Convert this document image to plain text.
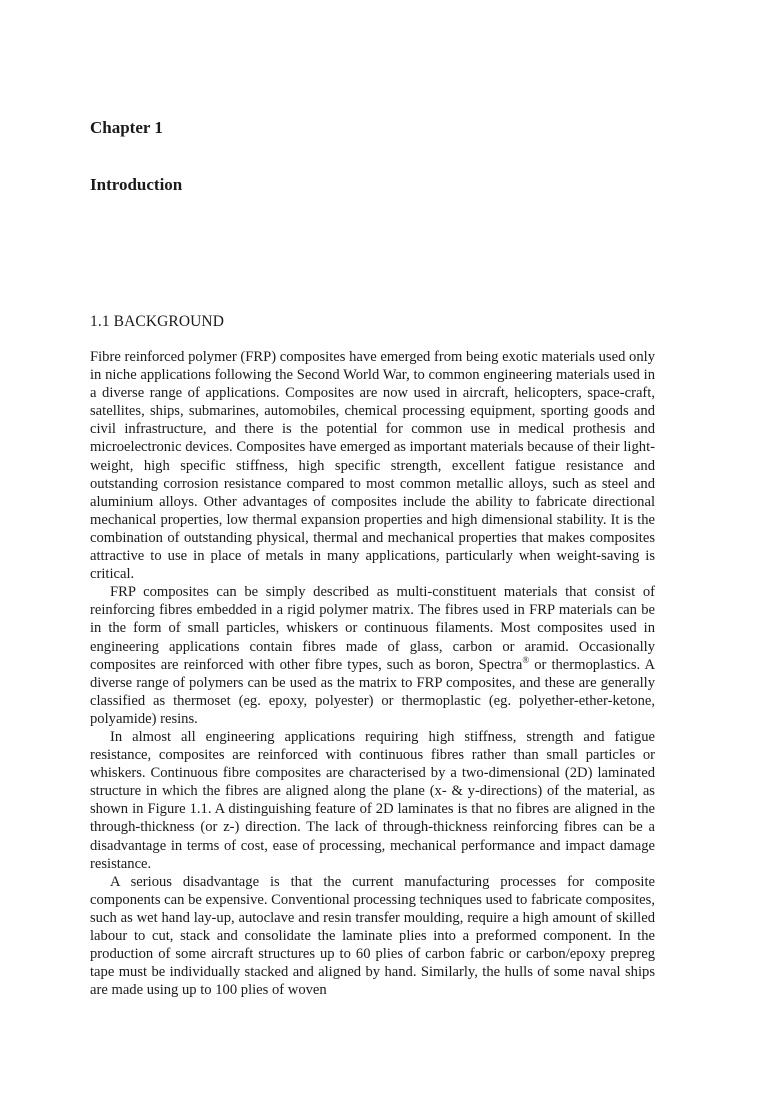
Chapter 1
Introduction
1.1 BACKGROUND

Fibre reinforced polymer (FRP) composites have emerged from being exotic materials used only in niche applications following the Second World War, to common engineering materials used in a diverse range of applications. Composites are now used in aircraft, helicopters, space-craft, satellites, ships, submarines, automobiles, chemical processing equipment, sporting goods and civil infrastructure, and there is the potential for common use in medical prothesis and microelectronic devices. Composites have emerged as important materials because of their light-weight, high specific stiffness, high specific strength, excellent fatigue resistance and outstanding corrosion resistance compared to most common metallic alloys, such as steel and aluminium alloys. Other advantages of composites include the ability to fabricate directional mechanical properties, low thermal expansion properties and high dimensional stability. It is the combination of outstanding physical, thermal and mechanical properties that makes composites attractive to use in place of metals in many applications, particularly when weight-saving is critical.

FRP composites can be simply described as multi-constituent materials that consist of reinforcing fibres embedded in a rigid polymer matrix. The fibres used in FRP materials can be in the form of small particles, whiskers or continuous filaments. Most composites used in engineering applications contain fibres made of glass, carbon or aramid. Occasionally composites are reinforced with other fibre types, such as boron, Spectra® or thermoplastics. A diverse range of polymers can be used as the matrix to FRP composites, and these are generally classified as thermoset (eg. epoxy, polyester) or thermoplastic (eg. polyether-ether-ketone, polyamide) resins.

In almost all engineering applications requiring high stiffness, strength and fatigue resistance, composites are reinforced with continuous fibres rather than small particles or whiskers. Continuous fibre composites are characterised by a two-dimensional (2D) laminated structure in which the fibres are aligned along the plane (x- & y-directions) of the material, as shown in Figure 1.1. A distinguishing feature of 2D laminates is that no fibres are aligned in the through-thickness (or z-) direction. The lack of through-thickness reinforcing fibres can be a disadvantage in terms of cost, ease of processing, mechanical performance and impact damage resistance.

A serious disadvantage is that the current manufacturing processes for composite components can be expensive. Conventional processing techniques used to fabricate composites, such as wet hand lay-up, autoclave and resin transfer moulding, require a high amount of skilled labour to cut, stack and consolidate the laminate plies into a preformed component. In the production of some aircraft structures up to 60 plies of carbon fabric or carbon/epoxy prepreg tape must be individually stacked and aligned by hand. Similarly, the hulls of some naval ships are made using up to 100 plies of woven
